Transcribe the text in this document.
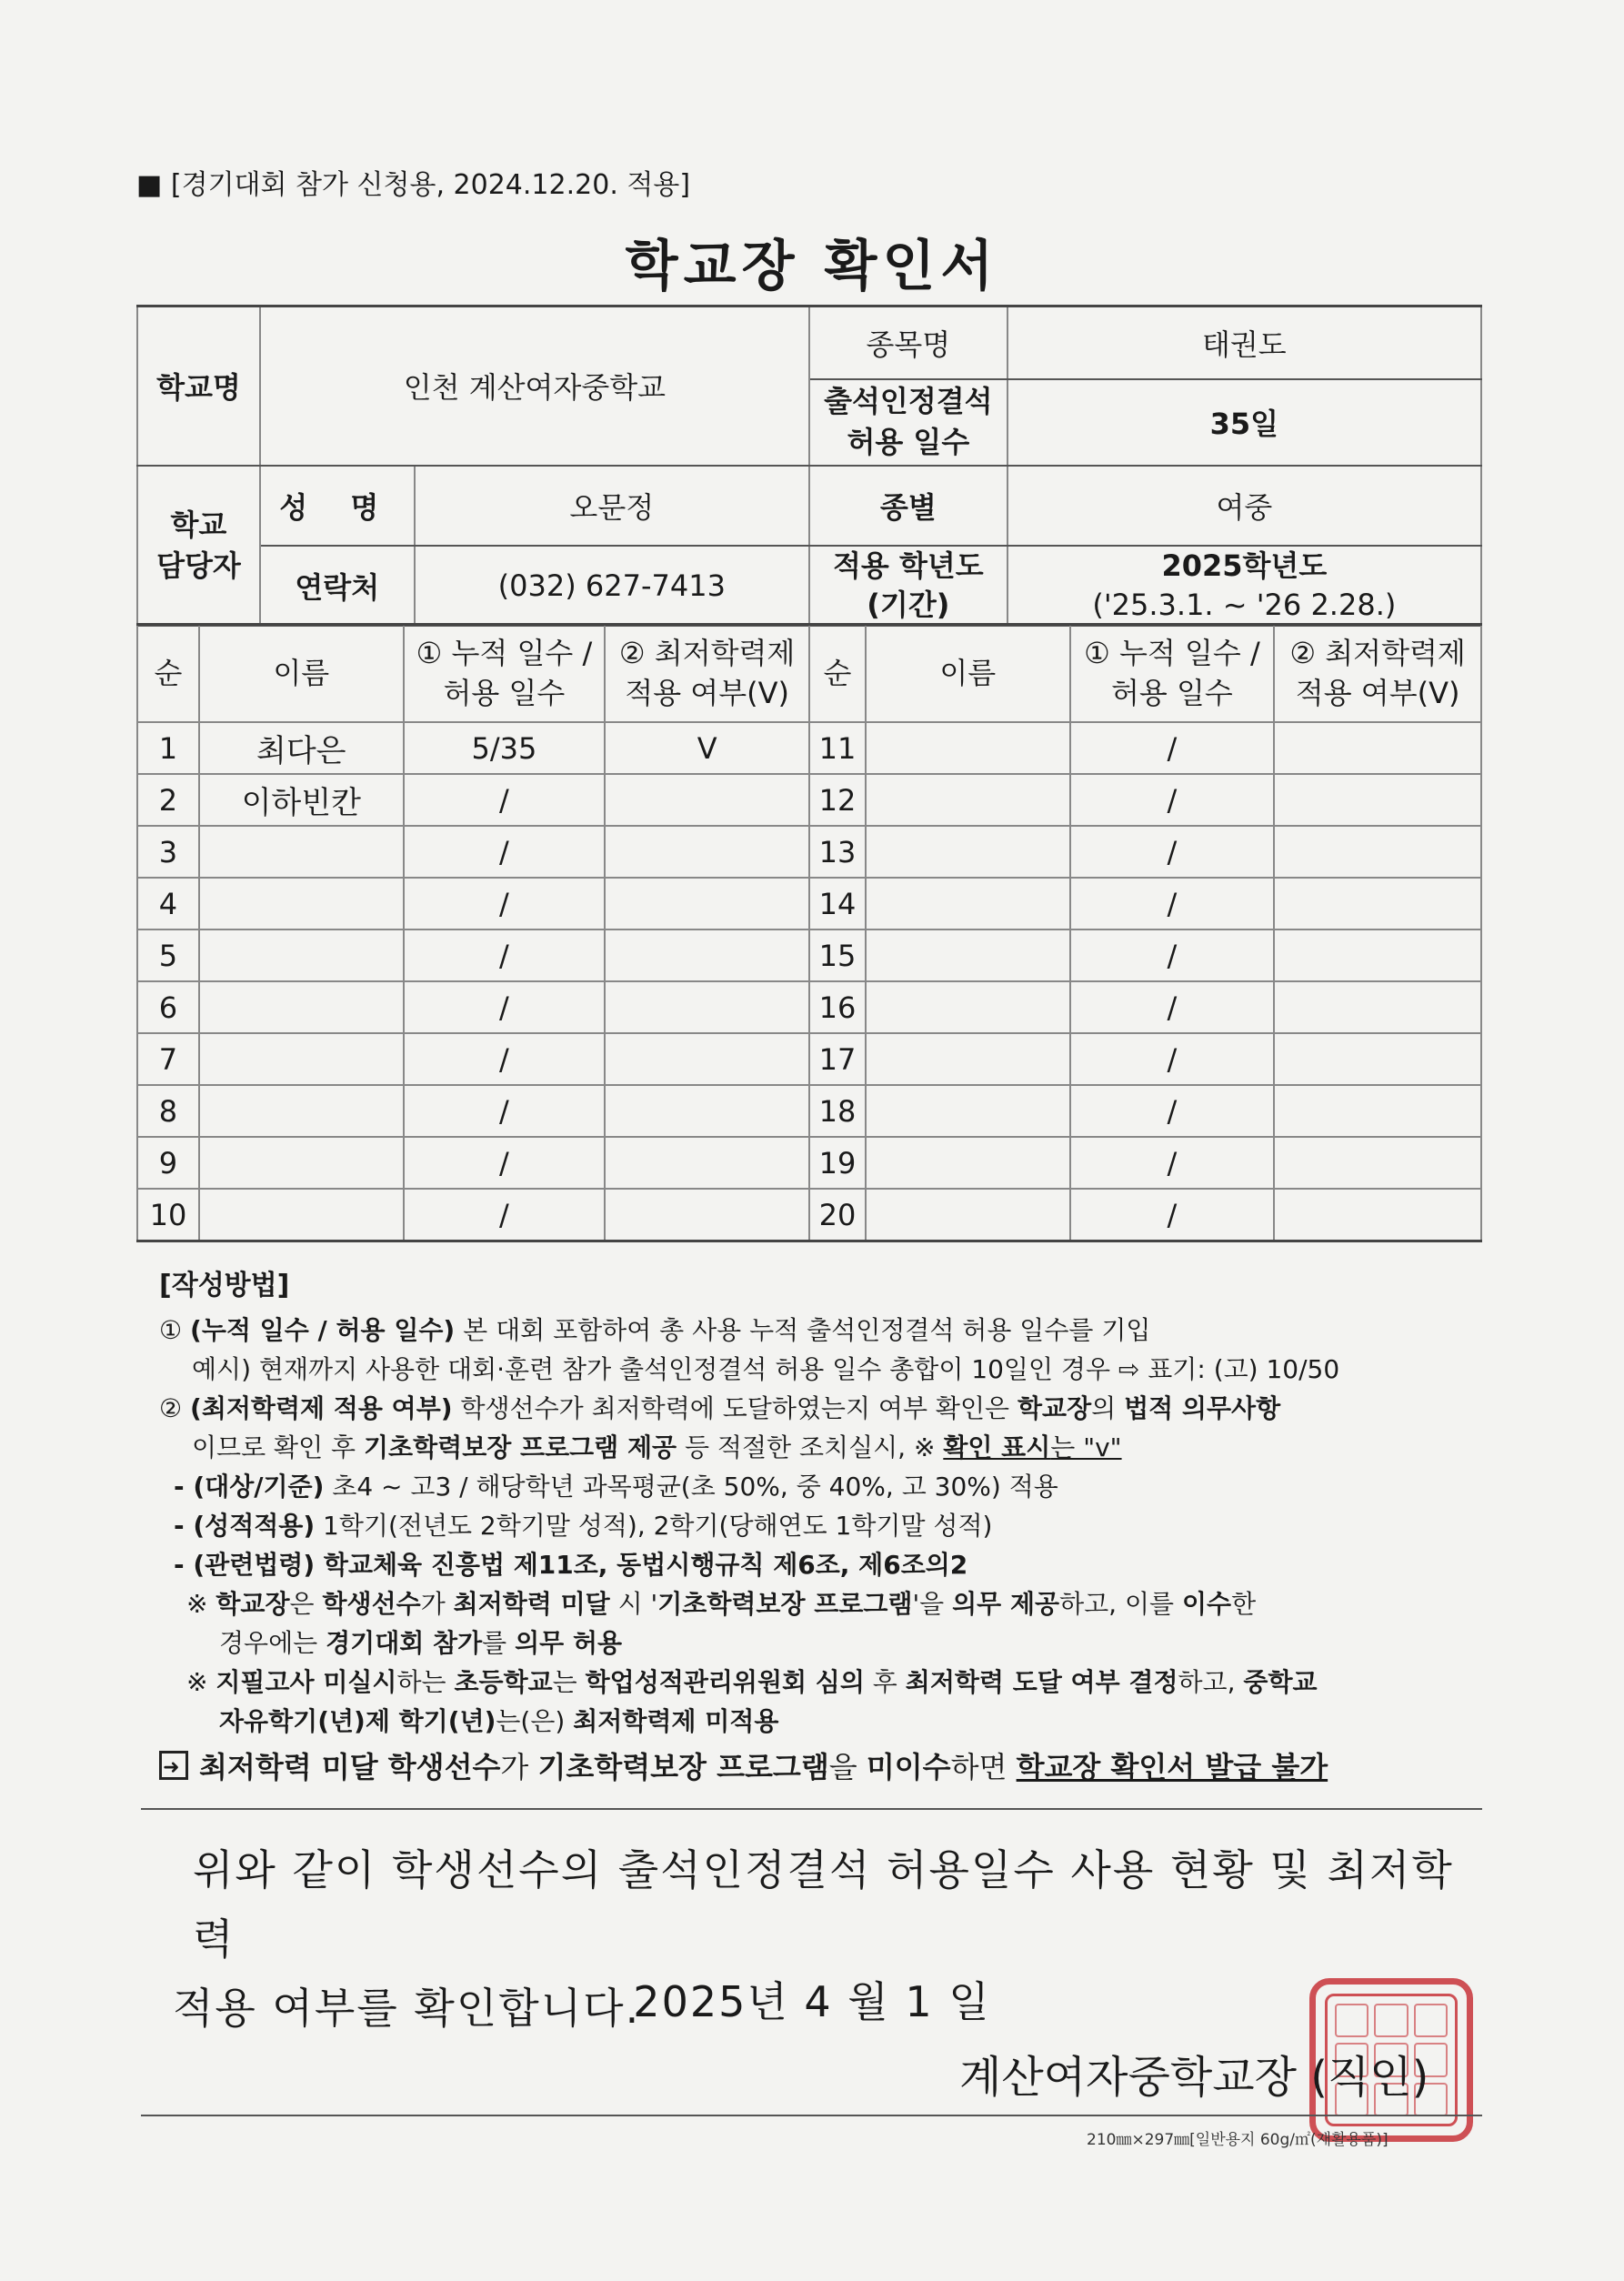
■ [경기대회 참가 신청용, 2024.12.20. 적용]
학교장 확인서
학교명	인천 계산여자중학교		종목명	태권도
			출석인정결석 허용 일수	35일
학교 담당자	성 명	오문정	종별	여중
	연락처	(032) 627-7413	적용 학년도 (기간)	2025학년도
('25.3.1. ~ '26 2.28.)
순	이름	① 누적 일수 / 허용 일수	② 최저학력제 적용 여부(V)	순	이름	① 누적 일수 / 허용 일수	② 최저학력제 적용 여부(V)
1	최다은	5/35	V	11		/	
2	이하빈칸	/		12		/	
3		/		13		/	
4		/		14		/	
5		/		15		/	
6		/		16		/	
7		/		17		/	
8		/		18		/	
9		/		19		/	
10		/		20		/	
[작성방법]
① (누적 일수 / 허용 일수) 본 대회 포함하여 총 사용 누적 출석인정결석 허용 일수를 기입
예시) 현재까지 사용한 대회·훈련 참가 출석인정결석 허용 일수 총합이 10일인 경우 ⇨ 표기: (고) 10/50
② (최저학력제 적용 여부) 학생선수가 최저학력에 도달하였는지 여부 확인은 학교장의 법적 의무사항
이므로 확인 후 기초학력보장 프로그램 제공 등 적절한 조치실시, ※ 확인 표시는 "v"
- (대상/기준) 초4 ~ 고3 / 해당학년 과목평균(초 50%, 중 40%, 고 30%) 적용
- (성적적용) 1학기(전년도 2학기말 성적), 2학기(당해연도 1학기말 성적)
- (관련법령) 학교체육 진흥법 제11조, 동법시행규칙 제6조, 제6조의2
※ 학교장은 학생선수가 최저학력 미달 시 '기초학력보장 프로그램'을 의무 제공하고, 이를 이수한
경우에는 경기대회 참가를 의무 허용
※ 지필고사 미실시하는 초등학교는 학업성적관리위원회 심의 후 최저학력 도달 여부 결정하고, 중학교
자유학기(년)제 학기(년)는(은) 최저학력제 미적용
➜최저학력 미달 학생선수가 기초학력보장 프로그램을 미이수하면 학교장 확인서 발급 불가
위와 같이 학생선수의 출석인정결석 허용일수 사용 현황 및 최저학력
적용 여부를 확인합니다.
2025년 4 월 1 일
계산여자중학교장 (직인)
210㎜×297㎜[일반용지 60g/㎡(재활용품)]
